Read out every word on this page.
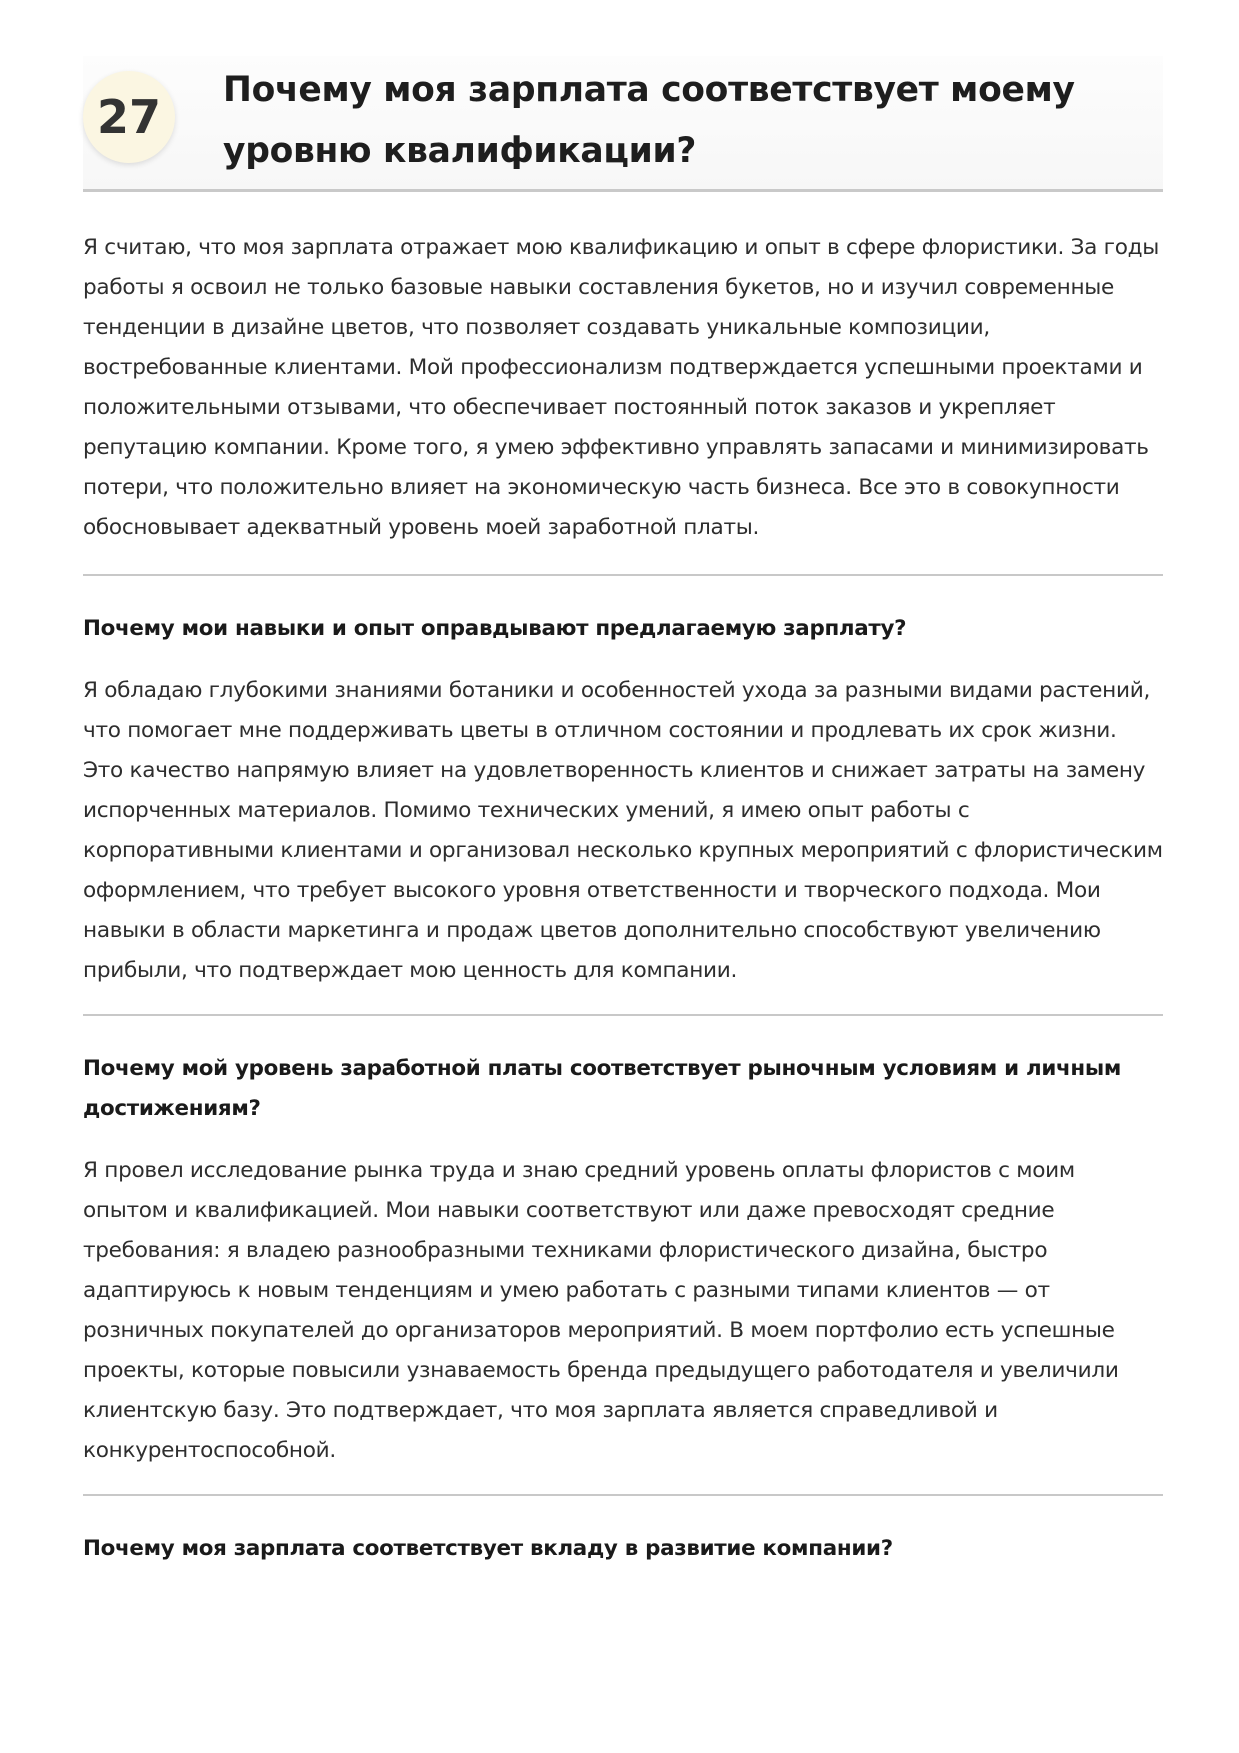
27	Почему моя зарплата соответствует моему уровню квалификации?

Я считаю, что моя зарплата отражает мою квалификацию и опыт в сфере флористики. За годы работы я освоил не только базовые навыки составления букетов, но и изучил современные тенденции в дизайне цветов, что позволяет создавать уникальные композиции, востребованные клиентами. Мой профессионализм подтверждается успешными проектами и положительными отзывами, что обеспечивает постоянный поток заказов и укрепляет репутацию компании. Кроме того, я умею эффективно управлять запасами и минимизировать потери, что положительно влияет на экономическую часть бизнеса. Все это в совокупности обосновывает адекватный уровень моей заработной платы.

Почему мои навыки и опыт оправдывают предлагаемую зарплату?

Я обладаю глубокими знаниями ботаники и особенностей ухода за разными видами растений, что помогает мне поддерживать цветы в отличном состоянии и продлевать их срок жизни. Это качество напрямую влияет на удовлетворенность клиентов и снижает затраты на замену испорченных материалов. Помимо технических умений, я имею опыт работы с корпоративными клиентами и организовал несколько крупных мероприятий с флористическим оформлением, что требует высокого уровня ответственности и творческого подхода. Мои навыки в области маркетинга и продаж цветов дополнительно способствуют увеличению прибыли, что подтверждает мою ценность для компании.

Почему мой уровень заработной платы соответствует рыночным условиям и личным достижениям?

Я провел исследование рынка труда и знаю средний уровень оплаты флористов с моим опытом и квалификацией. Мои навыки соответствуют или даже превосходят средние требования: я владею разнообразными техниками флористического дизайна, быстро адаптируюсь к новым тенденциям и умею работать с разными типами клиентов — от розничных покупателей до организаторов мероприятий. В моем портфолио есть успешные проекты, которые повысили узнаваемость бренда предыдущего работодателя и увеличили клиентскую базу. Это подтверждает, что моя зарплата является справедливой и конкурентоспособной.

Почему моя зарплата соответствует вкладу в развитие компании?
